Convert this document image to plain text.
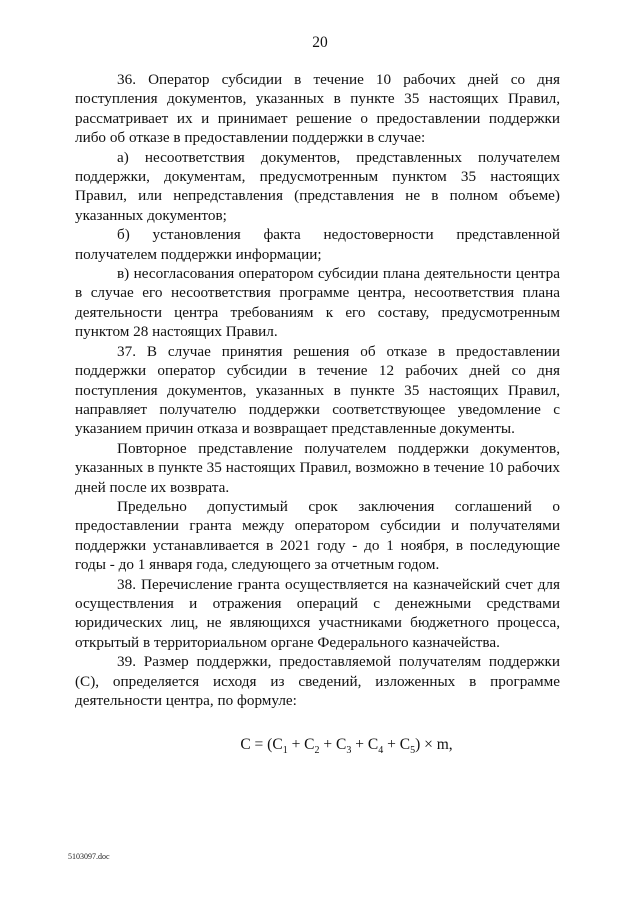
20

36. Оператор субсидии в течение 10 рабочих дней со дня поступления документов, указанных в пункте 35 настоящих Правил, рассматривает их и принимает решение о предоставлении поддержки либо об отказе в предоставлении поддержки в случае:

а) несоответствия документов, представленных получателем поддержки, документам, предусмотренным пунктом 35 настоящих Правил, или непредставления (представления не в полном объеме) указанных документов;

б) установления факта недостоверности представленной получателем поддержки информации;

в) несогласования оператором субсидии плана деятельности центра в случае его несоответствия программе центра, несоответствия плана деятельности центра требованиям к его составу, предусмотренным пунктом 28 настоящих Правил.

37. В случае принятия решения об отказе в предоставлении поддержки оператор субсидии в течение 12 рабочих дней со дня поступления документов, указанных в пункте 35 настоящих Правил, направляет получателю поддержки соответствующее уведомление с указанием причин отказа и возвращает представленные документы.

Повторное представление получателем поддержки документов, указанных в пункте 35 настоящих Правил, возможно в течение 10 рабочих дней после их возврата.

Предельно допустимый срок заключения соглашений о предоставлении гранта между оператором субсидии и получателями поддержки устанавливается в 2021 году - до 1 ноября, в последующие годы - до 1 января года, следующего за отчетным годом.

38. Перечисление гранта осуществляется на казначейский счет для осуществления и отражения операций с денежными средствами юридических лиц, не являющихся участниками бюджетного процесса, открытый в территориальном органе Федерального казначейства.

39. Размер поддержки, предоставляемой получателям поддержки (С), определяется исходя из сведений, изложенных в программе деятельности центра, по формуле:

$С = (С_1 + С_2 + С_3 + С_4 + С_5) \times m$,
5103097.doc
